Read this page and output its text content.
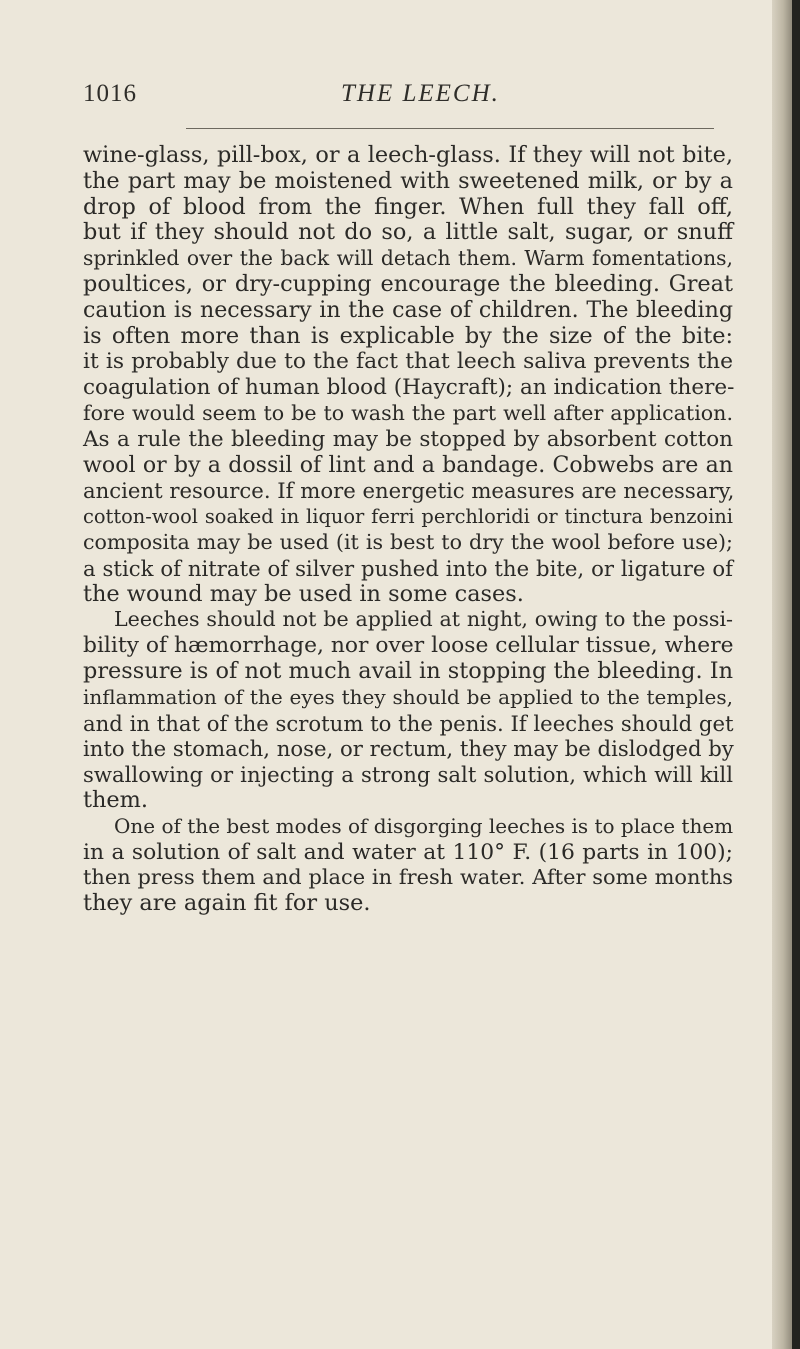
1016	THE LEECH.
wine-glass, pill-box, or a leech-glass. If they will not bite,
the part may be moistened with sweetened milk, or by a
drop of blood from the finger. When full they fall off,
but if they should not do so, a little salt, sugar, or snuff
sprinkled over the back will detach them. Warm fomentations,
poultices, or dry-cupping encourage the bleeding. Great
caution is necessary in the case of children. The bleeding
is often more than is explicable by the size of the bite:
it is probably due to the fact that leech saliva prevents the
coagulation of human blood (Haycraft); an indication there-
fore would seem to be to wash the part well after application.
As a rule the bleeding may be stopped by absorbent cotton
wool or by a dossil of lint and a bandage. Cobwebs are an
ancient resource. If more energetic measures are necessary,
cotton-wool soaked in liquor ferri perchloridi or tinctura benzoini
composita may be used (it is best to dry the wool before use);
a stick of nitrate of silver pushed into the bite, or ligature of
the wound may be used in some cases.
Leeches should not be applied at night, owing to the possi-
bility of hæmorrhage, nor over loose cellular tissue, where
pressure is of not much avail in stopping the bleeding. In
inflammation of the eyes they should be applied to the temples,
and in that of the scrotum to the penis. If leeches should get
into the stomach, nose, or rectum, they may be dislodged by
swallowing or injecting a strong salt solution, which will kill
them.
One of the best modes of disgorging leeches is to place them
in a solution of salt and water at 110° F. (16 parts in 100);
then press them and place in fresh water. After some months
they are again fit for use.
